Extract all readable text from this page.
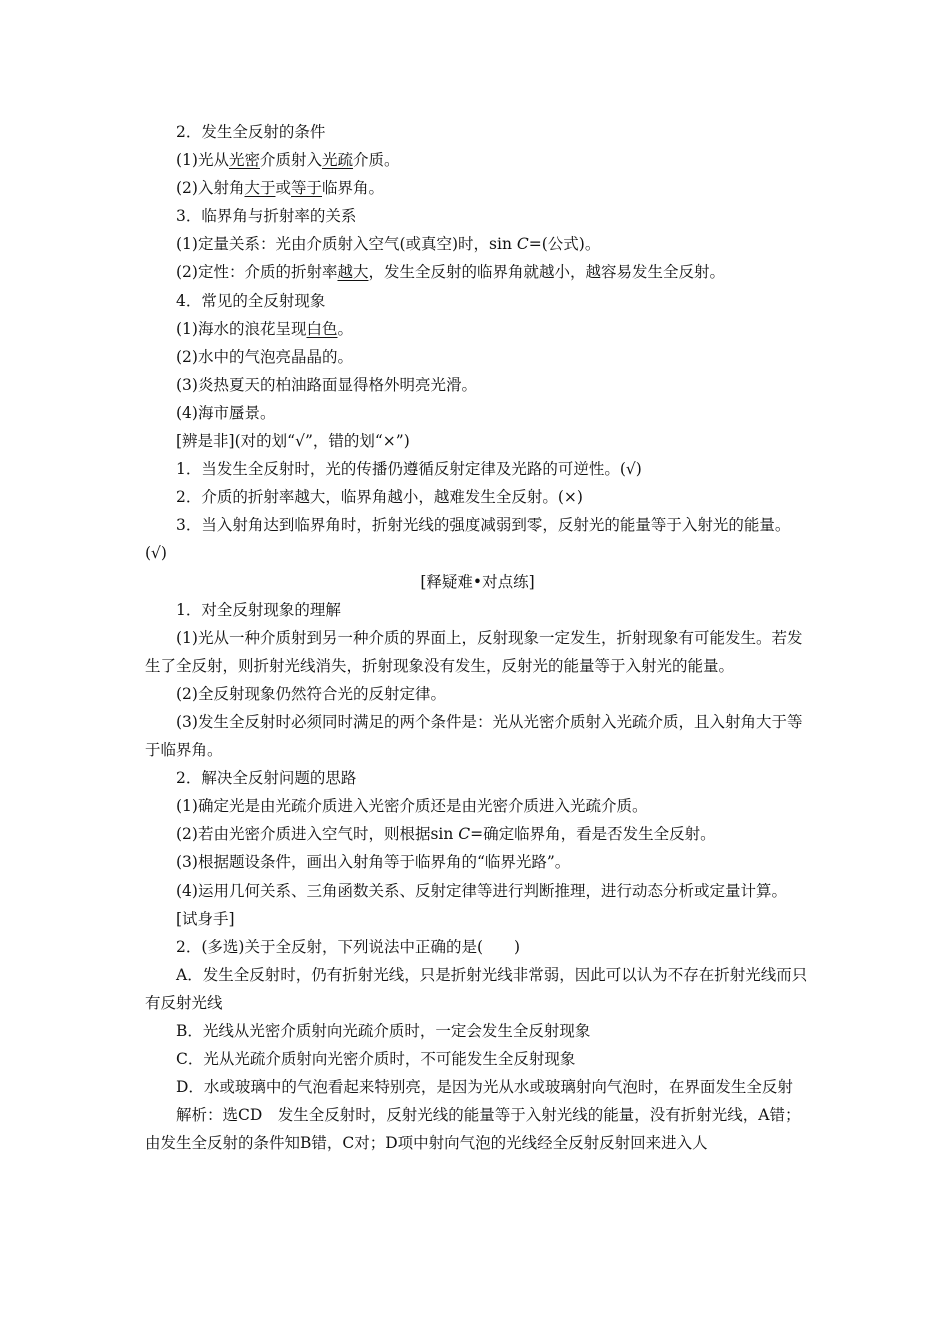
2．发生全反射的条件

(1)光从光密介质射入光疏介质。

(2)入射角大于或等于临界角。

3．临界角与折射率的关系

(1)定量关系：光由介质射入空气(或真空)时，sin C=(公式)。

(2)定性：介质的折射率越大，发生全反射的临界角就越小，越容易发生全反射。

4．常见的全反射现象

(1)海水的浪花呈现白色。

(2)水中的气泡亮晶晶的。

(3)炎热夏天的柏油路面显得格外明亮光滑。

(4)海市蜃景。

[辨是非](对的划“√”，错的划“×”)

1．当发生全反射时，光的传播仍遵循反射定律及光路的可逆性。(√)

2．介质的折射率越大，临界角越小，越难发生全反射。(×)

3．当入射角达到临界角时，折射光线的强度减弱到零，反射光的能量等于入射光的能量。(√)

[释疑难•对点练]

1．对全反射现象的理解

(1)光从一种介质射到另一种介质的界面上，反射现象一定发生，折射现象有可能发生。若发生了全反射，则折射光线消失，折射现象没有发生，反射光的能量等于入射光的能量。

(2)全反射现象仍然符合光的反射定律。

(3)发生全反射时必须同时满足的两个条件是：光从光密介质射入光疏介质，且入射角大于等于临界角。

2．解决全反射问题的思路

(1)确定光是由光疏介质进入光密介质还是由光密介质进入光疏介质。

(2)若由光密介质进入空气时，则根据sin C=确定临界角，看是否发生全反射。

(3)根据题设条件，画出入射角等于临界角的“临界光路”。

(4)运用几何关系、三角函数关系、反射定律等进行判断推理，进行动态分析或定量计算。

[试身手]

2．(多选)关于全反射，下列说法中正确的是(　　)

A．发生全反射时，仍有折射光线，只是折射光线非常弱，因此可以认为不存在折射光线而只有反射光线

B．光线从光密介质射向光疏介质时，一定会发生全反射现象

C．光从光疏介质射向光密介质时，不可能发生全反射现象

D．水或玻璃中的气泡看起来特别亮，是因为光从水或玻璃射向气泡时，在界面发生全反射

解析：选CD　发生全反射时，反射光线的能量等于入射光线的能量，没有折射光线，A错；由发生全反射的条件知B错，C对；D项中射向气泡的光线经全反射反射回来进入人
